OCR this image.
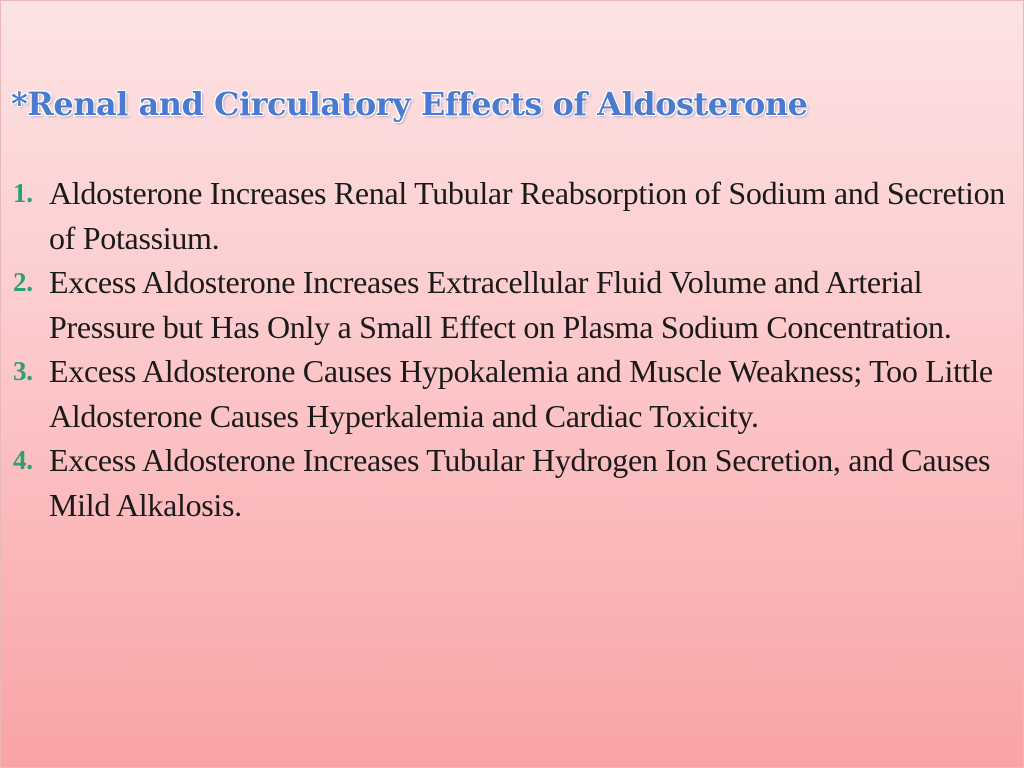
*Renal and Circulatory Effects of Aldosterone
1. Aldosterone Increases Renal Tubular Reabsorption of Sodium and Secretion of Potassium.
2. Excess Aldosterone Increases Extracellular Fluid Volume and Arterial Pressure but Has Only a Small Effect on Plasma Sodium Concentration.
3. Excess Aldosterone Causes Hypokalemia and Muscle Weakness; Too Little Aldosterone Causes Hyperkalemia and Cardiac Toxicity.
4. Excess Aldosterone Increases Tubular Hydrogen Ion Secretion, and Causes Mild Alkalosis.
